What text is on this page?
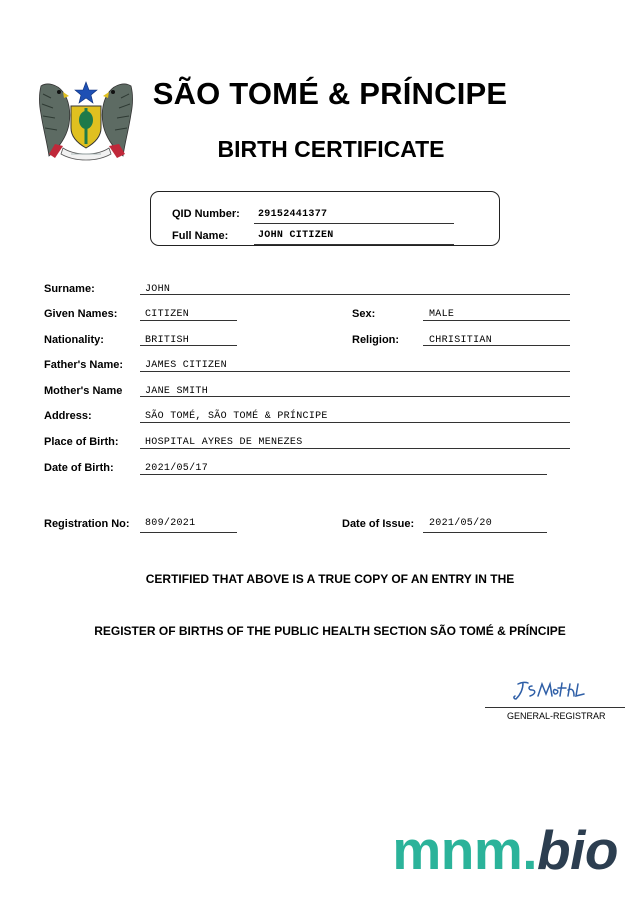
SÃO TOMÉ & PRÍNCIPE
BIRTH CERTIFICATE
QID Number: 29152441377
Full Name:	JOHN CITIZEN
Surname:	JOHN
Given Names:	CITIZEN	Sex:	MALE
Nationality:	BRITISH	Religion:	CHRISITIAN
Father's Name: JAMES CITIZEN
Mother's Name JANE SMITH
Address:	SÃO TOMÉ, SÃO TOMÉ & PRÍNCIPE
Place of Birth:	HOSPITAL AYRES DE MENEZES
Date of Birth:	2021/05/17
Registration No: 809/2021	Date of Issue: 2021/05/20
CERTIFIED THAT ABOVE IS A TRUE COPY OF AN ENTRY IN THE
REGISTER OF BIRTHS OF THE PUBLIC HEALTH SECTION SÃO TOMÉ & PRÍNCIPE
GENERAL-REGISTRAR
mnm.bio
